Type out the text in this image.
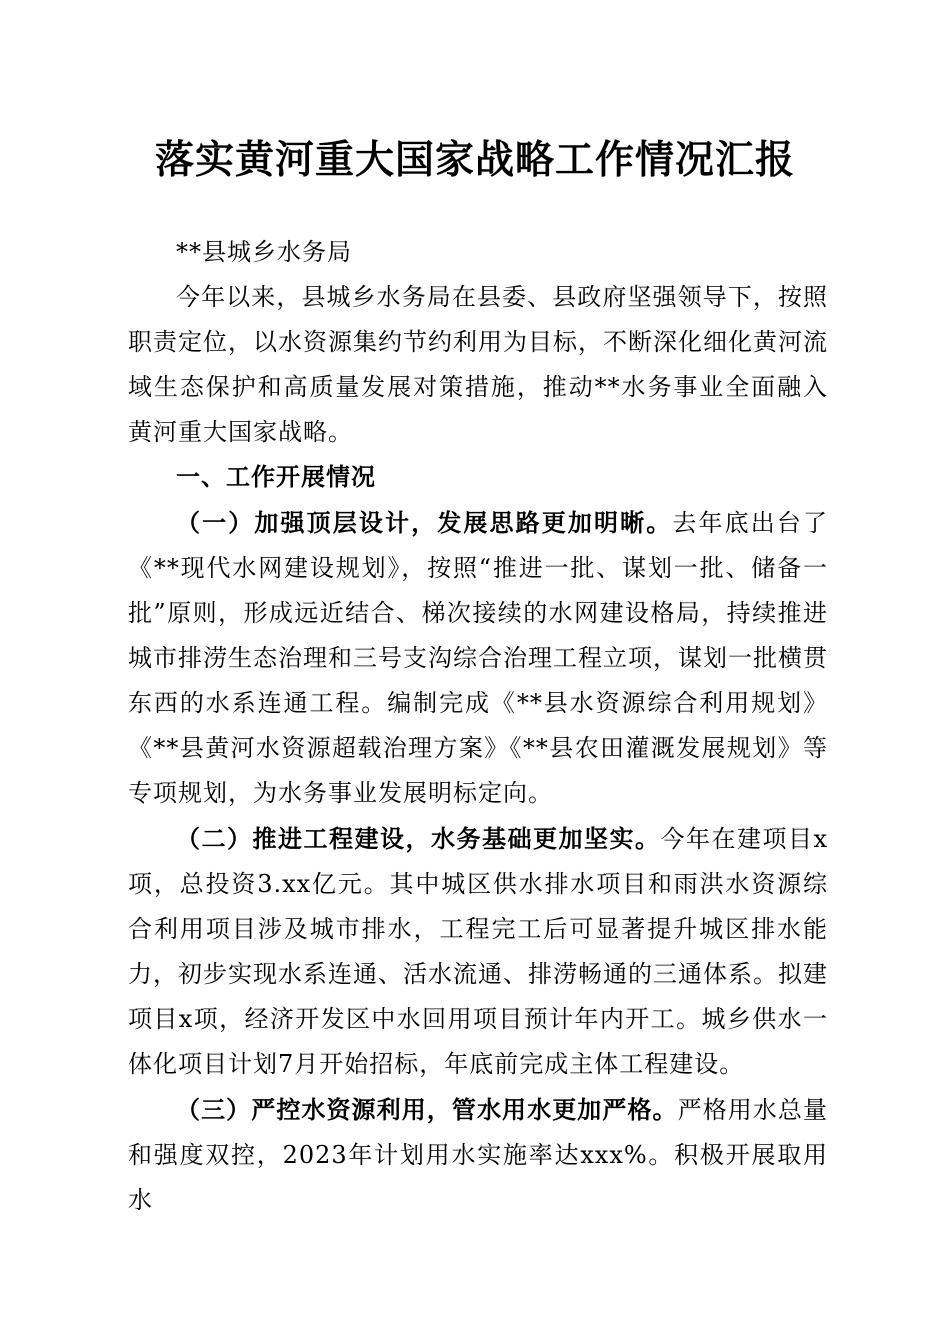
落实黄河重大国家战略工作情况汇报

**县城乡水务局

今年以来，县城乡水务局在县委、县政府坚强领导下，按照职责定位，以水资源集约节约利用为目标，不断深化细化黄河流域生态保护和高质量发展对策措施，推动**水务事业全面融入黄河重大国家战略。

一、工作开展情况

（一）加强顶层设计，发展思路更加明晰。去年底出台了《**现代水网建设规划》，按照“推进一批、谋划一批、储备一批”原则，形成远近结合、梯次接续的水网建设格局，持续推进城市排涝生态治理和三号支沟综合治理工程立项，谋划一批横贯东西的水系连通工程。编制完成《**县水资源综合利用规划》《**县黄河水资源超载治理方案》《**县农田灌溉发展规划》等专项规划，为水务事业发展明标定向。

（二）推进工程建设，水务基础更加坚实。今年在建项目x项，总投资3.xx亿元。其中城区供水排水项目和雨洪水资源综合利用项目涉及城市排水，工程完工后可显著提升城区排水能力，初步实现水系连通、活水流通、排涝畅通的三通体系。拟建项目x项，经济开发区中水回用项目预计年内开工。城乡供水一体化项目计划7月开始招标，年底前完成主体工程建设。

（三）严控水资源利用，管水用水更加严格。严格用水总量和强度双控，2023年计划用水实施率达xxx%。积极开展取用水
